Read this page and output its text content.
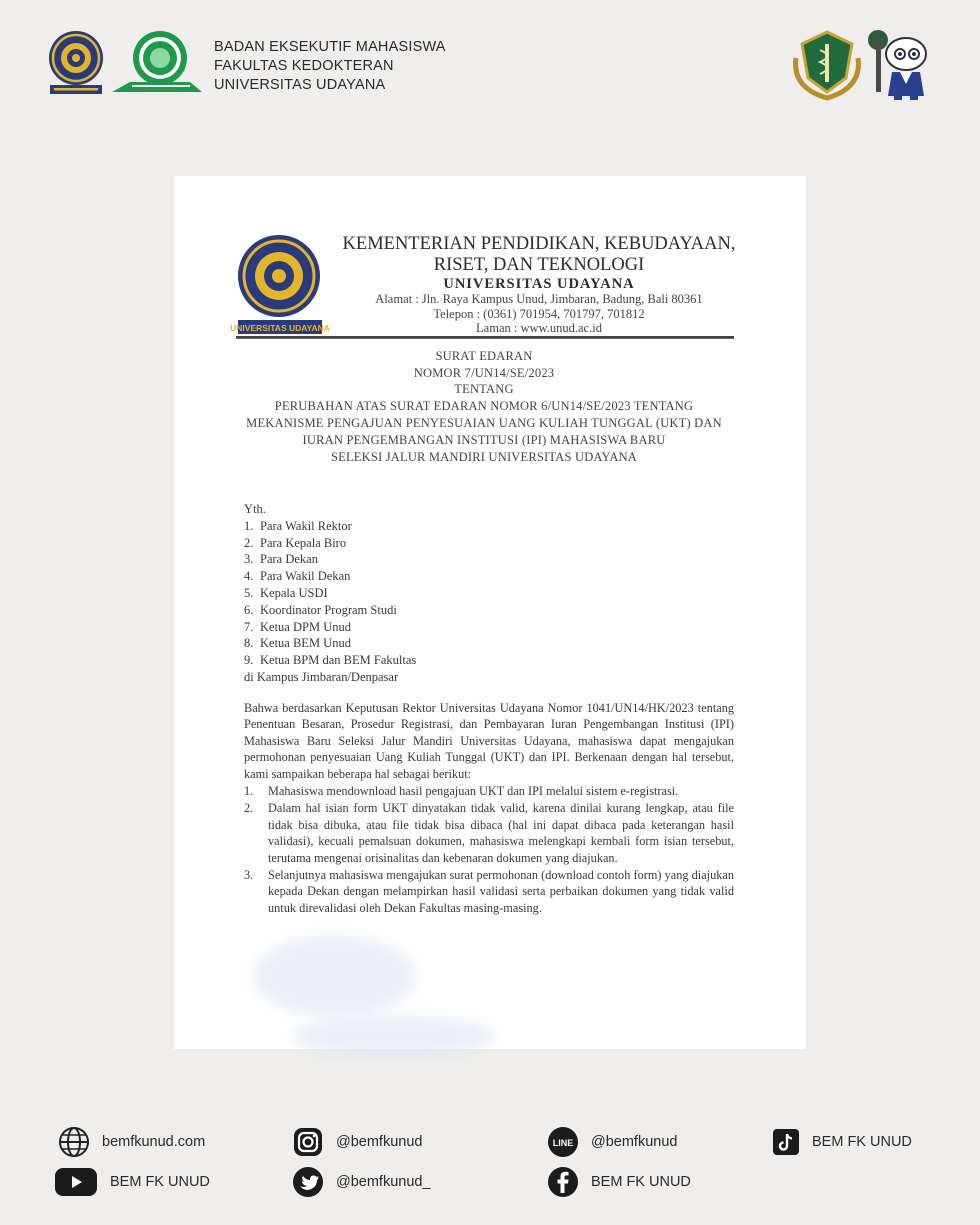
BADAN EKSEKUTIF MAHASISWA
FAKULTAS KEDOKTERAN
UNIVERSITAS UDAYANA
UNIVERSITAS UDAYANA
KEMENTERIAN PENDIDIKAN, KEBUDAYAAN,
RISET, DAN TEKNOLOGI
UNIVERSITAS UDAYANA
Alamat : Jln. Raya Kampus Unud, Jimbaran, Badung, Bali 80361
Telepon : (0361) 701954, 701797, 701812
Laman : www.unud.ac.id
SURAT EDARAN
NOMOR 7/UN14/SE/2023
TENTANG
PERUBAHAN ATAS SURAT EDARAN NOMOR 6/UN14/SE/2023 TENTANG
MEKANISME PENGAJUAN PENYESUAIAN UANG KULIAH TUNGGAL (UKT) DAN
IURAN PENGEMBANGAN INSTITUSI (IPI) MAHASISWA BARU
SELEKSI JALUR MANDIRI UNIVERSITAS UDAYANA
Yth.
1. Para Wakil Rektor
2. Para Kepala Biro
3. Para Dekan
4. Para Wakil Dekan
5. Kepala USDI
6. Koordinator Program Studi
7. Ketua DPM Unud
8. Ketua BEM Unud
9. Ketua BPM dan BEM Fakultas
di Kampus Jimbaran/Denpasar
Bahwa berdasarkan Keputusan Rektor Universitas Udayana Nomor 1041/UN14/HK/2023 tentang Penentuan Besaran, Prosedur Registrasi, dan Pembayaran Iuran Pengembangan Institusi (IPI) Mahasiswa Baru Seleksi Jalur Mandiri Universitas Udayana, mahasiswa dapat mengajukan permohonan penyesuaian Uang Kuliah Tunggal (UKT) dan IPI. Berkenaan dengan hal tersebut, kami sampaikan beberapa hal sebagai berikut:
1.	Mahasiswa mendownload hasil pengajuan UKT dan IPI melalui sistem e-registrasi.
2.	Dalam hal isian form UKT dinyatakan tidak valid, karena dinilai kurang lengkap, atau file tidak bisa dibuka, atau file tidak bisa dibaca (hal ini dapat dibaca pada keterangan hasil validasi), kecuali pemalsuan dokumen, mahasiswa melengkapi kembali form isian tersebut, terutama mengenai orisinalitas dan kebenaran dokumen yang diajukan.
3.	Selanjutnya mahasiswa mengajukan surat permohonan (download contoh form) yang diajukan kepada Dekan dengan melampirkan hasil validasi serta perbaikan dokumen yang tidak valid untuk direvalidasi oleh Dekan Fakultas masing-masing.
bemfkunud.com	@bemfkunud	LINE @bemfkunud	BEM FK UNUD
BEM FK UNUD	@bemfkunud_	BEM FK UNUD
